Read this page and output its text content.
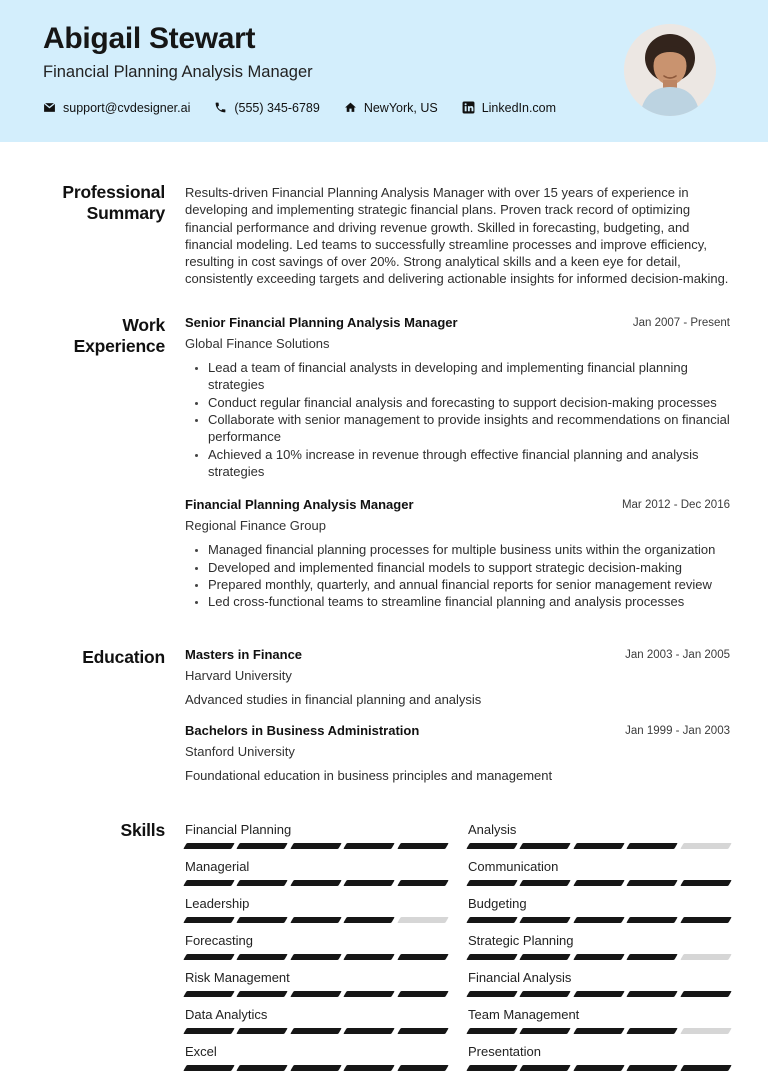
Abigail Stewart
Financial Planning Analysis Manager
support@cvdesigner.ai	(555) 345-6789	NewYork, US	LinkedIn.com
Professional Summary
Results-driven Financial Planning Analysis Manager with over 15 years of experience in developing and implementing strategic financial plans. Proven track record of optimizing financial performance and driving revenue growth. Skilled in forecasting, budgeting, and financial modeling. Led teams to successfully streamline processes and improve efficiency, resulting in cost savings of over 20%. Strong analytical skills and a keen eye for detail, consistently exceeding targets and delivering actionable insights for informed decision-making.
Work Experience
Senior Financial Planning Analysis Manager	Jan 2007 - Present
Global Finance Solutions
• Lead a team of financial analysts in developing and implementing financial planning strategies
• Conduct regular financial analysis and forecasting to support decision-making processes
• Collaborate with senior management to provide insights and recommendations on financial performance
• Achieved a 10% increase in revenue through effective financial planning and analysis strategies
Financial Planning Analysis Manager	Mar 2012 - Dec 2016
Regional Finance Group
• Managed financial planning processes for multiple business units within the organization
• Developed and implemented financial models to support strategic decision-making
• Prepared monthly, quarterly, and annual financial reports for senior management review
• Led cross-functional teams to streamline financial planning and analysis processes
Education Masters in Finance	Jan 2003 - Jan 2005
Harvard University
Advanced studies in financial planning and analysis
Bachelors in Business Administration	Jan 1999 - Jan 2003
Stanford University
Foundational education in business principles and management
Skills Financial Planning	Analysis
Managerial	Communication
Leadership	Budgeting
Forecasting	Strategic Planning
Risk Management	Financial Analysis
Data Analytics	Team Management
Excel	Presentation
